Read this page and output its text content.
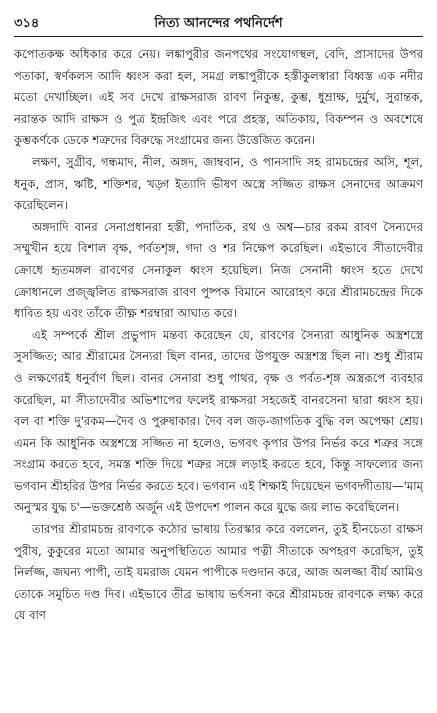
৩১৪	নিত্য আনন্দের পথনির্দেশ

কপোতকক্ষ অধিকার করে নেয়। লঙ্কাপুরীর জনপথের সংযোগস্থল, বেদি, প্রাসাদের উপর পতাকা, স্বর্ণকলস আদি ধ্বংস করা হল, সমগ্র লঙ্কাপুরীকে হস্তীকুলস্বারা বিধ্বস্ত এক নদীর মতো দেখাচ্ছিল। এই সব দেখে রাক্ষসরাজ রাবণ নিকুম্ভ, কুম্ভ, ধুম্রাক্ষ, দুর্মুখ, সুরান্তক, নরান্তক আদি রাক্ষস ও পুত্র ইন্দ্রজিৎ এবং পরে প্রহস্ত, অতিকায়, বিকম্পন ও অবশেষে কুম্ভকর্ণকে ডেকে শত্রুদের বিরুদ্ধে সংগ্রামের জন্য উত্তেজিত করেন।

লক্ষণ, সুগ্রীব, গন্ধমাদ, নীল, অঙ্গদ, জাম্ববান, ও পানসাদি সহ রামচন্দ্রের অসি, শূল, ধনুক, প্রাস, ঋষ্টি, শক্তিশর, খড়্গ ইত্যাদি ভীষণ অস্ত্রে সজ্জিত রাক্ষস সেনাদের আক্রমণ করেছিলেন।

অঙ্গদাদি বানর সেনাপ্রধানরা হস্তী, পদাতিক, রথ ও অশ্ব—চার রকম রাবণ সৈন্যদের সম্মুখীন হয়ে বিশাল বৃক্ষ, পর্বতশৃঙ্গ, গদা ও শর নিক্ষেপ করেছিল। এইভাবে সীতাদেবীর ক্রোধে হৃতমঙ্গল রাবণের সেনাকুল ধ্বংস হয়েছিল। নিজ সেনানী ধ্বংস হতে দেখে ক্রোধানলে প্রজ্জ্বলিত রাক্ষসরাজ রাবণ পুষ্পক বিমানে আরোহণ করে শ্রীরামচন্দ্রের দিকে ধাবিত হয় এবং তাঁকে তীক্ষ্ণ শরম্বারা আঘাত করে।

এই সম্পর্কে শ্রীল প্রভুপাদ মন্তব্য করেছেন যে, রাবণের সৈন্যরা আধুনিক অস্ত্রশস্ত্রে সুসজ্জিত; আর শ্রীরামের সৈন্যরা ছিল বানর, তাদের উপযুক্ত অস্ত্রশস্ত্র ছিল না। শুধু শ্রীরাম ও লক্ষণেরই ধনুর্বাণ ছিল। বানর সেনারা শুধু পাথর, বৃক্ষ ও পর্বত-শৃঙ্গ অস্ত্ররূপে ব্যবহার করেছিল, মা সীতাদেবীর অভিশাপের ফলেই রাক্ষসরা সহজেই বানরসেনা দ্বারা ধ্বংস হয়। বল বা শক্তি দু'রকম—দৈব ও পুরুষাকার। দৈব বল জড়-জাগতিক বুদ্ধি বল অপেক্ষা শ্রেয়। এমন কি আধুনিক অস্ত্রশস্ত্রে সজ্জিত না হলেও, ভগবৎ কৃপার উপর নির্ভর করে শত্রুর সঙ্গে সংগ্রাম করতে হবে, সমস্ত শক্তি দিয়ে শত্রুর সঙ্গে লড়াই করতে হবে, কিন্তু সাফল্যের জন্য ভগবান শ্রীহরির উপর নির্ভর করতে হবে। ভগবান এই শিক্ষাই দিয়েছেন ভগবদ্গীতায়—'মাম্ অনুস্মর যুদ্ধ চ'—ভক্তশ্রেষ্ঠ অর্জুন এই উপদেশ পালন করে যুদ্ধে জয় লাভ করেছিলেন।

তারপর শ্রীরামচন্দ্র রাবণকে কঠোর ভাষায় তিরস্কার করে বললেন, তুই হীনচেতা রাক্ষস পুরীষ, কুকুরের মতো আমার অনুপস্থিতিতে আমার পত্নী সীতাকে অপহরণ করেছিস, তুই নির্লজ্জ, জঘন্য পাপী, তাই যমরাজ যেমন পাপীকে দণ্ডদান করে, আজ অলজ্জা বীর্য আমিও তোকে সমুচিত দণ্ড দিব। এইভাবে তীব্র ভাষায় ভর্ৎসনা করে শ্রীরামচন্দ্র রাবণকে লক্ষ্য করে যে বাণ
